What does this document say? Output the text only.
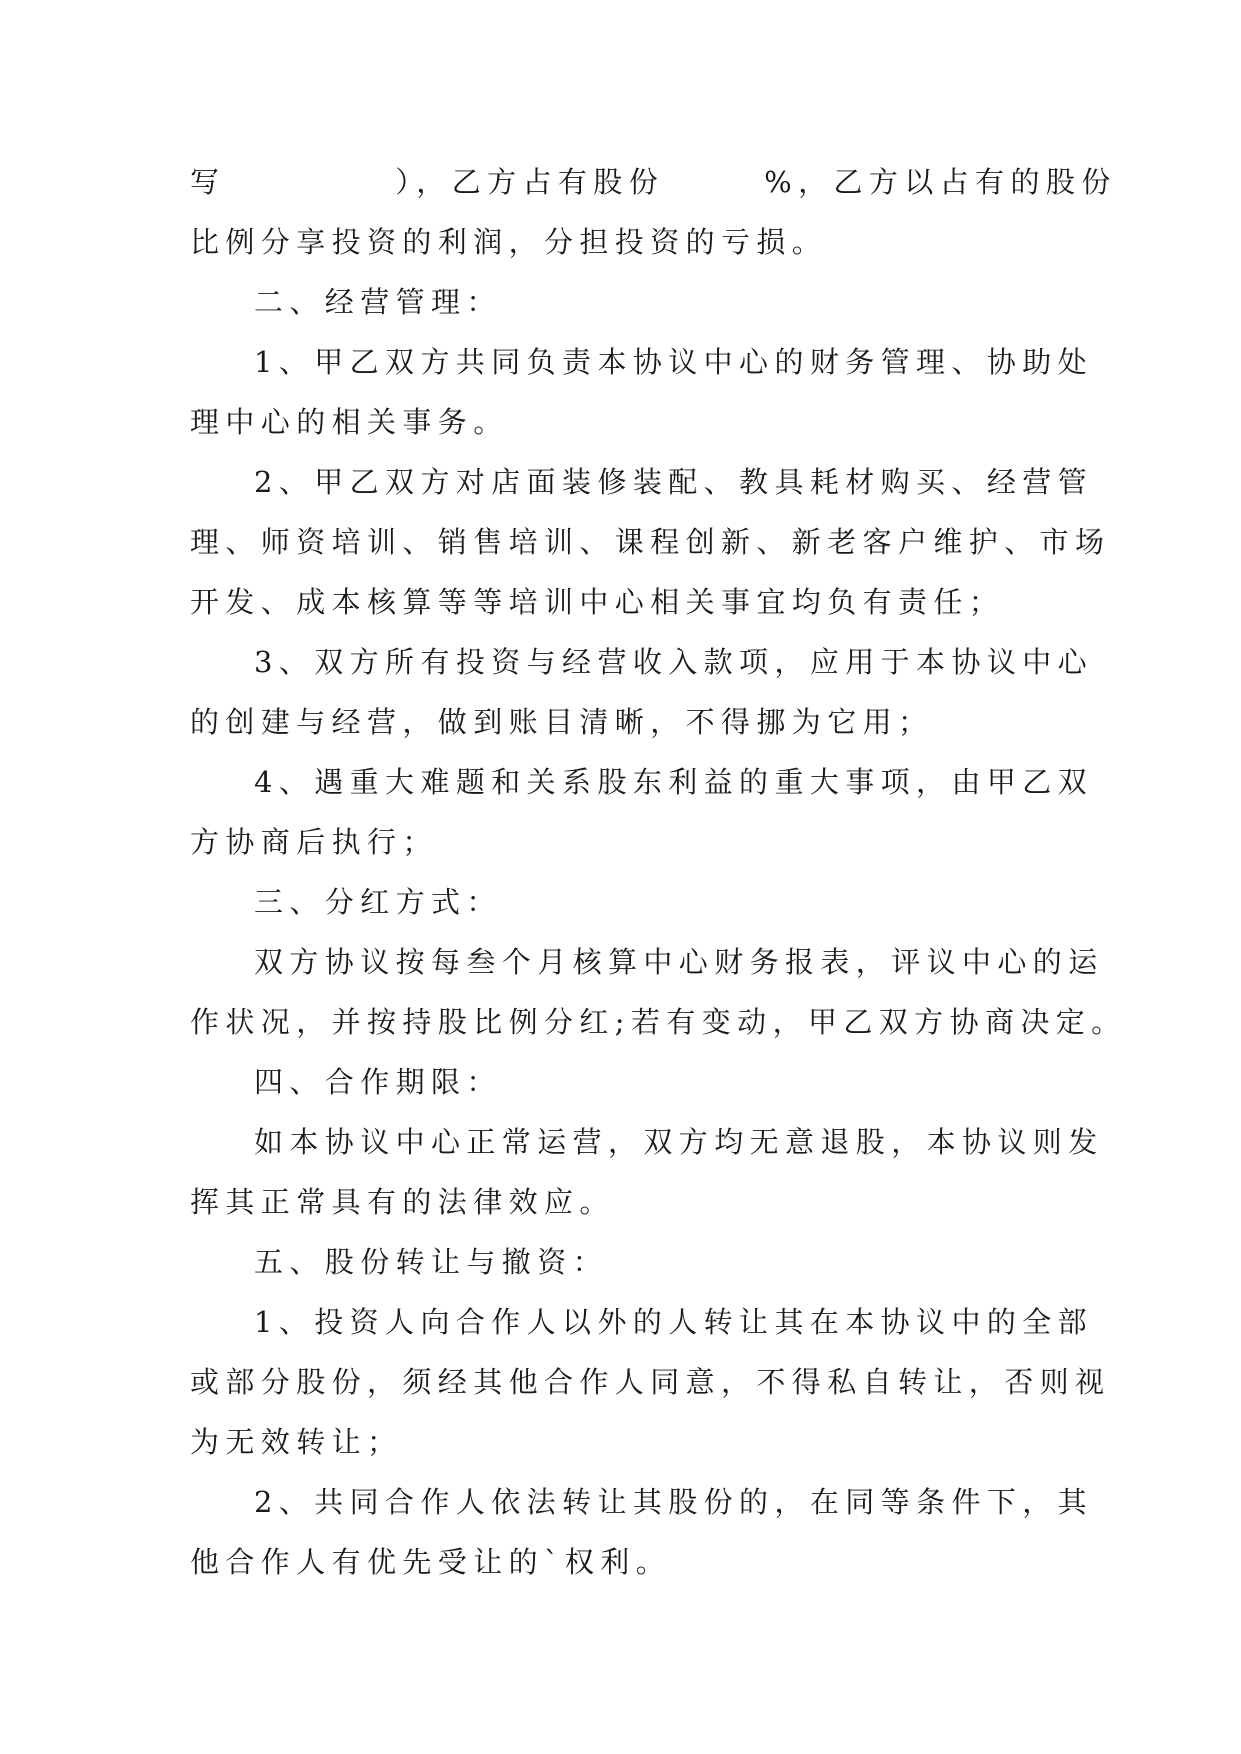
写	），乙方占有股份	%，乙方以占有的股份
比例分享投资的利润，分担投资的亏损。
二、经营管理：
1、甲乙双方共同负责本协议中心的财务管理、协助处
理中心的相关事务。
2、甲乙双方对店面装修装配、教具耗材购买、经营管
理、师资培训、销售培训、课程创新、新老客户维护、市场
开发、成本核算等等培训中心相关事宜均负有责任；
3、双方所有投资与经营收入款项，应用于本协议中心
的创建与经营，做到账目清晰，不得挪为它用；
4、遇重大难题和关系股东利益的重大事项，由甲乙双
方协商后执行；
三、分红方式：
双方协议按每叁个月核算中心财务报表，评议中心的运
作状况，并按持股比例分红;若有变动，甲乙双方协商决定。
四、合作期限：
如本协议中心正常运营，双方均无意退股，本协议则发
挥其正常具有的法律效应。
五、股份转让与撤资：
1、投资人向合作人以外的人转让其在本协议中的全部
或部分股份，须经其他合作人同意，不得私自转让，否则视
为无效转让；
2、共同合作人依法转让其股份的，在同等条件下，其
他合作人有优先受让的`权利。
